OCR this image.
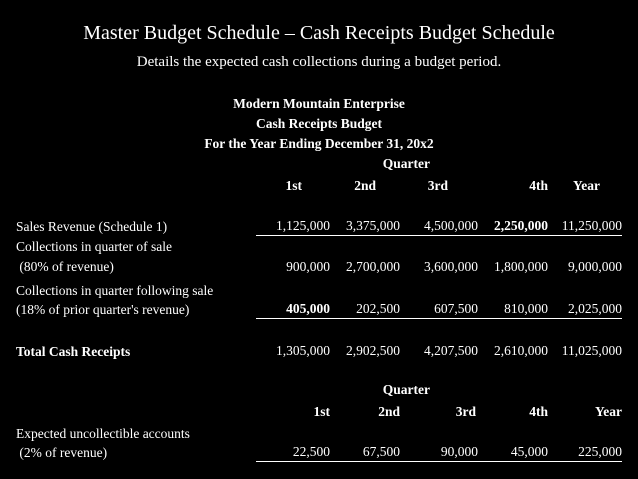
Master Budget Schedule – Cash Receipts Budget Schedule
Details the expected cash collections during a budget period.
Modern Mountain Enterprise
Cash Receipts Budget
For the Year Ending December 31, 20x2
Quarter
1st	2nd	3rd	4th	Year
Sales Revenue (Schedule 1)	1,125,000	3,375,000	4,500,000	2,250,000	11,250,000
Collections in quarter of sale
(80% of revenue)	900,000	2,700,000	3,600,000	1,800,000	9,000,000
Collections in quarter following sale
(18% of prior quarter's revenue)	405,000	202,500	607,500	810,000	2,025,000
Total Cash Receipts	1,305,000	2,902,500	4,207,500	2,610,000	11,025,000
Quarter
1st	2nd	3rd	4th	Year
Expected uncollectible accounts
(2% of revenue)	22,500	67,500	90,000	45,000	225,000
